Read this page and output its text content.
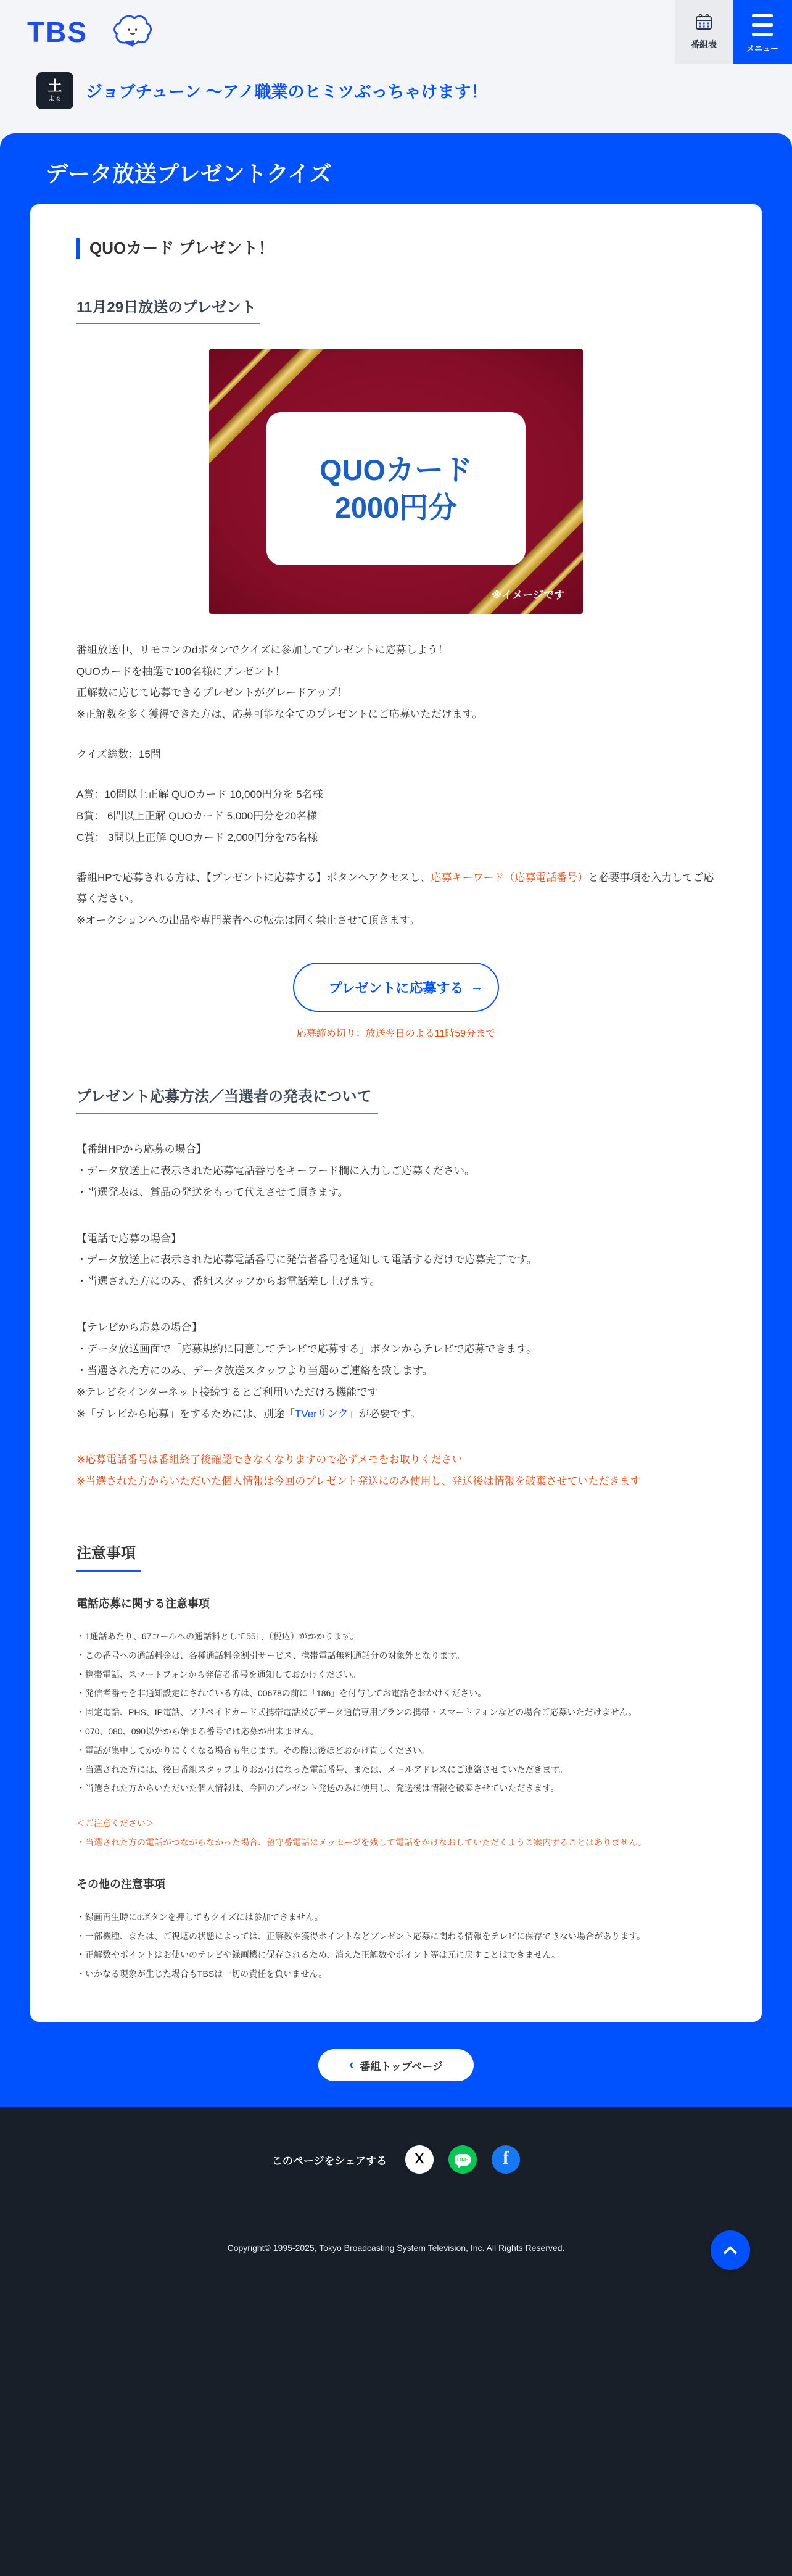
TBS	番組表	メニュー
土
よる ジョブチューン ～アノ職業のヒミツぶっちゃけます！
データ放送プレゼントクイズ
QUOカード プレゼント！
11月29日放送のプレゼント
QUOカード
2000円分
※イメージです
番組放送中、リモコンのdボタンでクイズに参加してプレゼントに応募しよう！
QUOカードを抽選で100名様にプレゼント！
正解数に応じて応募できるプレゼントがグレードアップ！
※正解数を多く獲得できた方は、応募可能な全てのプレゼントにご応募いただけます。
クイズ総数：15問
A賞：10問以上正解 QUOカード 10,000円分を 5名様
B賞： 6問以上正解 QUOカード 5,000円分を20名様
C賞： 3問以上正解 QUOカード 2,000円分を75名様
番組HPで応募される方は、【プレゼントに応募する】ボタンへアクセスし、応募キーワード（応募電話番号）と必要事項を入力してご応募ください。
※オークションへの出品や専門業者への転売は固く禁止させて頂きます。
プレゼントに応募する →
応募締め切り：放送翌日のよる11時59分まで
プレゼント応募方法／当選者の発表について
【番組HPから応募の場合】
・データ放送上に表示された応募電話番号をキーワード欄に入力しご応募ください。
・当選発表は、賞品の発送をもって代えさせて頂きます。
【電話で応募の場合】
・データ放送上に表示された応募電話番号に発信者番号を通知して電話するだけで応募完了です。
・当選された方にのみ、番組スタッフからお電話差し上げます。
【テレビから応募の場合】
・データ放送画面で「応募規約に同意してテレビで応募する」ボタンからテレビで応募できます。
・当選された方にのみ、データ放送スタッフより当選のご連絡を致します。
※テレビをインターネット接続するとご利用いただける機能です
※「テレビから応募」をするためには、別途「TVerリンク」が必要です。
※応募電話番号は番組終了後確認できなくなりますので必ずメモをお取りください
※当選された方からいただいた個人情報は今回のプレゼント発送にのみ使用し、発送後は情報を破棄させていただきます
注意事項
電話応募に関する注意事項
・1通話あたり、67コールへの通話料として55円（税込）がかかります。
・この番号への通話料金は、各種通話料金割引サービス、携帯電話無料通話分の対象外となります。
・携帯電話、スマートフォンから発信者番号を通知しておかけください。
・発信者番号を非通知設定にされている方は、00678の前に「186」を付与してお電話をおかけください。
・固定電話、PHS、IP電話、プリペイドカード式携帯電話及びデータ通信専用プランの携帯・スマートフォンなどの場合ご応募いただけません。
・070、080、090以外から始まる番号では応募が出来ません。
・電話が集中してかかりにくくなる場合も生じます。その際は後ほどおかけ直しください。
・当選された方には、後日番組スタッフよりおかけになった電話番号、または、メールアドレスにご連絡させていただきます。
・当選された方からいただいた個人情報は、今回のプレゼント発送のみに使用し、発送後は情報を破棄させていただきます。
＜ご注意ください＞
・当選された方の電話がつながらなかった場合、留守番電話にメッセージを残して電話をかけなおしていただくようご案内することはありません。
その他の注意事項
・録画再生時にdボタンを押してもクイズには参加できません。
・一部機種、または、ご視聴の状態によっては、正解数や獲得ポイントなどプレゼント応募に関わる情報をテレビに保存できない場合があります。
・正解数やポイントはお使いのテレビや録画機に保存されるため、消えた正解数やポイント等は元に戻すことはできません。
・いかなる現象が生じた場合もTBSは一切の責任を負いません。
‹ 番組トップページ
このページをシェアする	LINE f
Copyright© 1995-2025, Tokyo Broadcasting System Television, Inc. All Rights Reserved.
